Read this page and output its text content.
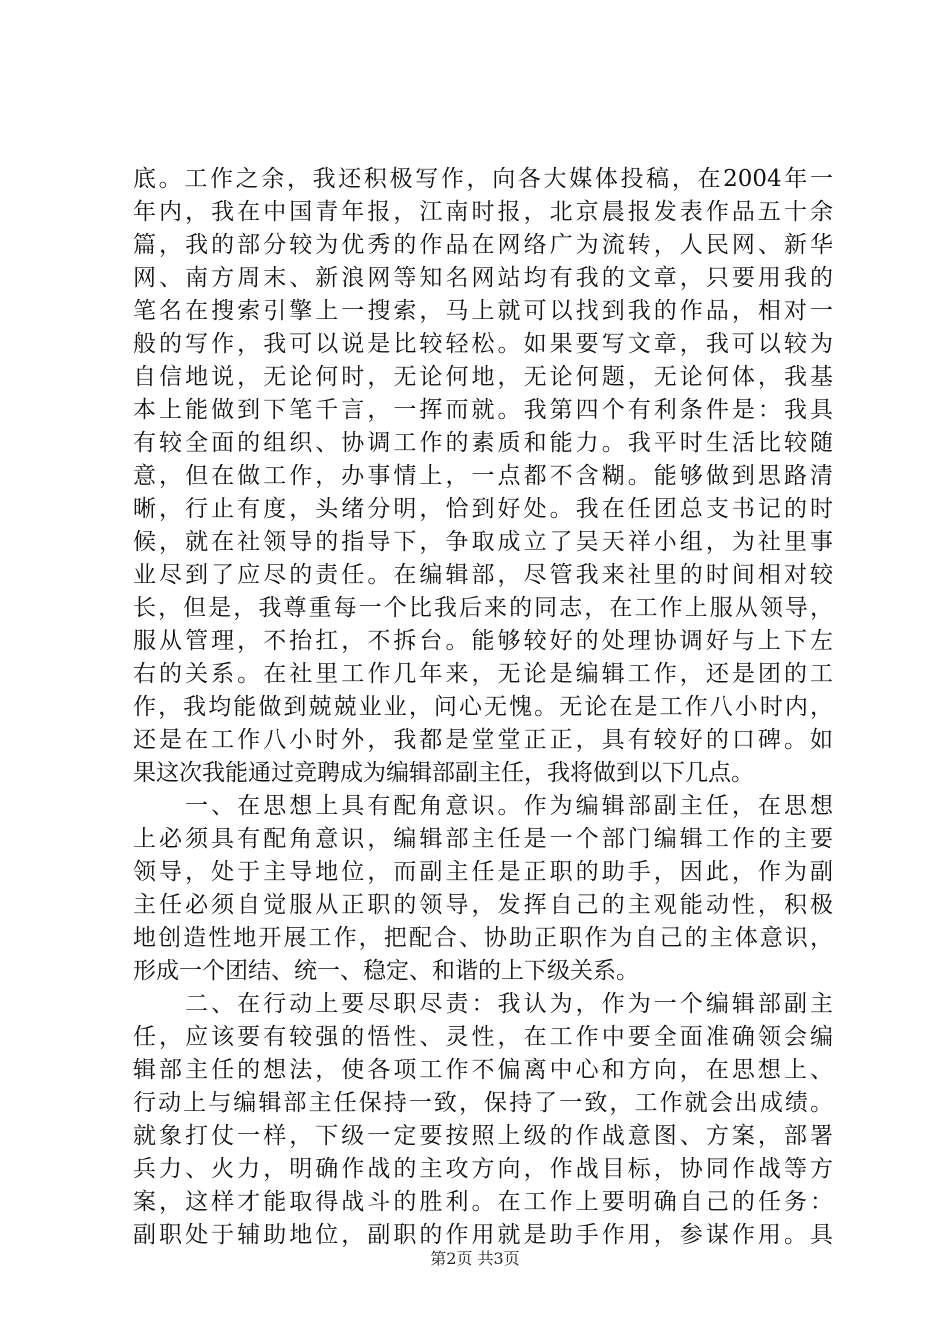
底。工作之余，我还积极写作，向各大媒体投稿，在2004年一
年内，我在中国青年报，江南时报，北京晨报发表作品五十余
篇，我的部分较为优秀的作品在网络广为流转，人民网、新华
网、南方周末、新浪网等知名网站均有我的文章，只要用我的
笔名在搜索引擎上一搜索，马上就可以找到我的作品，相对一
般的写作，我可以说是比较轻松。如果要写文章，我可以较为
自信地说，无论何时，无论何地，无论何题，无论何体，我基
本上能做到下笔千言，一挥而就。我第四个有利条件是：我具
有较全面的组织、协调工作的素质和能力。我平时生活比较随
意，但在做工作，办事情上，一点都不含糊。能够做到思路清
晰，行止有度，头绪分明，恰到好处。我在任团总支书记的时
候，就在社领导的指导下，争取成立了吴天祥小组，为社里事
业尽到了应尽的责任。在编辑部，尽管我来社里的时间相对较
长，但是，我尊重每一个比我后来的同志，在工作上服从领导，
服从管理，不抬扛，不拆台。能够较好的处理协调好与上下左
右的关系。在社里工作几年来，无论是编辑工作，还是团的工
作，我均能做到兢兢业业，问心无愧。无论在是工作八小时内，
还是在工作八小时外，我都是堂堂正正，具有较好的口碑。如
果这次我能通过竞聘成为编辑部副主任，我将做到以下几点。
　　一、在思想上具有配角意识。作为编辑部副主任，在思想
上必须具有配角意识，编辑部主任是一个部门编辑工作的主要
领导，处于主导地位，而副主任是正职的助手，因此，作为副
主任必须自觉服从正职的领导，发挥自己的主观能动性，积极
地创造性地开展工作，把配合、协助正职作为自己的主体意识，
形成一个团结、统一、稳定、和谐的上下级关系。
　　二、在行动上要尽职尽责：我认为，作为一个编辑部副主
任，应该要有较强的悟性、灵性，在工作中要全面准确领会编
辑部主任的想法，使各项工作不偏离中心和方向，在思想上、
行动上与编辑部主任保持一致，保持了一致，工作就会出成绩。
就象打仗一样，下级一定要按照上级的作战意图、方案，部署
兵力、火力，明确作战的主攻方向，作战目标，协同作战等方
案，这样才能取得战斗的胜利。在工作上要明确自己的任务：
副职处于辅助地位，副职的作用就是助手作用，参谋作用。具
第2页 共3页
